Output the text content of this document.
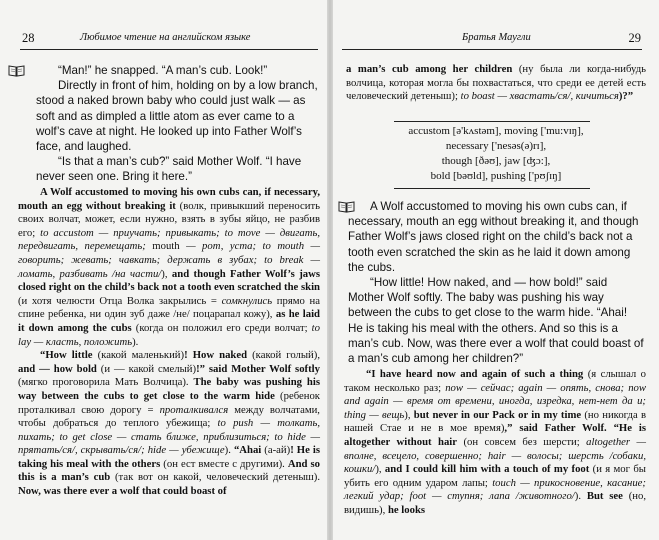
28	Любимое чтение на английском языке

“Man!” he snapped. “A man’s cub. Look!”

Directly in front of him, holding on by a low branch, stood a naked brown baby who could just walk — as soft and as dimpled a little atom as ever came to a wolf’s cave at night. He looked up into Father Wolf’s face, and laughed.

“Is that a man’s cub?” said Mother Wolf. “I have never seen one. Bring it here.”

A Wolf accustomed to moving his own cubs can, if necessary, mouth an egg without breaking it (волк, привыкший переносить своих волчат, может, если нужно, взять в зубы яйцо, не разбив его; to accustom — приучать; привыкать; to move — двигать, передвигать, перемещать; mouth — рот, уста; to mouth — говорить; жевать; чавкать; держать в зубах; to break — ломать, разбивать /на части/), and though Father Wolf’s jaws closed right on the child’s back not a tooth even scratched the skin (и хотя челюсти Отца Волка закрылись = сомкнулись прямо на спине ребенка, ни один зуб даже /не/ поцарапал кожу), as he laid it down among the cubs (когда он положил его среди волчат; to lay — класть, положить).

“How little (какой маленький)! How naked (какой голый), and — how bold (и — какой смелый)!” said Mother Wolf softly (мягко проговорила Мать Волчица). The baby was pushing his way between the cubs to get close to the warm hide (ребенок проталкивал свою дорогу = проталкивался между волчатами, чтобы добраться до теплого убежища; to push — толкать, пихать; to get close — стать ближе, приблизиться; to hide — прятать/ся/, скрывать/ся/; hide — убежище). “Ahai (а-ай)! He is taking his meal with the others (он ест вместе с другими). And so this is a man’s cub (так вот он какой, человеческий детеныш). Now, was there ever a wolf that could boast of

Братья Маугли	29
a man’s cub among her children (ну была ли когда-нибудь волчица, которая могла бы похвастаться, что среди ее детей есть человеческий детеныш); to boast — хвастать/ся/, кичиться)?”
accustom [ə'kʌstəm], moving ['mu:vɪŋ],
necessary ['nesəs(ə)rɪ],
though [ðəʊ], jaw [ʤɔ:],
bold [bəʊld], pushing ['pʊʃɪŋ]

A Wolf accustomed to moving his own cubs can, if necessary, mouth an egg without breaking it, and though Father Wolf’s jaws closed right on the child’s back not a tooth even scratched the skin as he laid it down among the cubs.

“How little! How naked, and — how bold!” said Mother Wolf softly. The baby was pushing his way between the cubs to get close to the warm hide. “Ahai! He is taking his meal with the others. And so this is a man’s cub. Now, was there ever a wolf that could boast of a man’s cub among her children?”

“I have heard now and again of such a thing (я слышал о таком несколько раз; now — сейчас; again — опять, снова; now and again — время от времени, иногда, изредка, нет-нет да и; thing — вещь), but never in our Pack or in my time (но никогда в нашей Стае и не в мое время),” said Father Wolf. “He is altogether without hair (он совсем без шерсти; altogether — вполне, всецело, совершенно; hair — волосы; шерсть /собаки, кошки/), and I could kill him with a touch of my foot (и я мог бы убить его одним ударом лапы; touch — прикосновение, касание; легкий удар; foot — ступня; лапа /животного/). But see (но, видишь), he looks
